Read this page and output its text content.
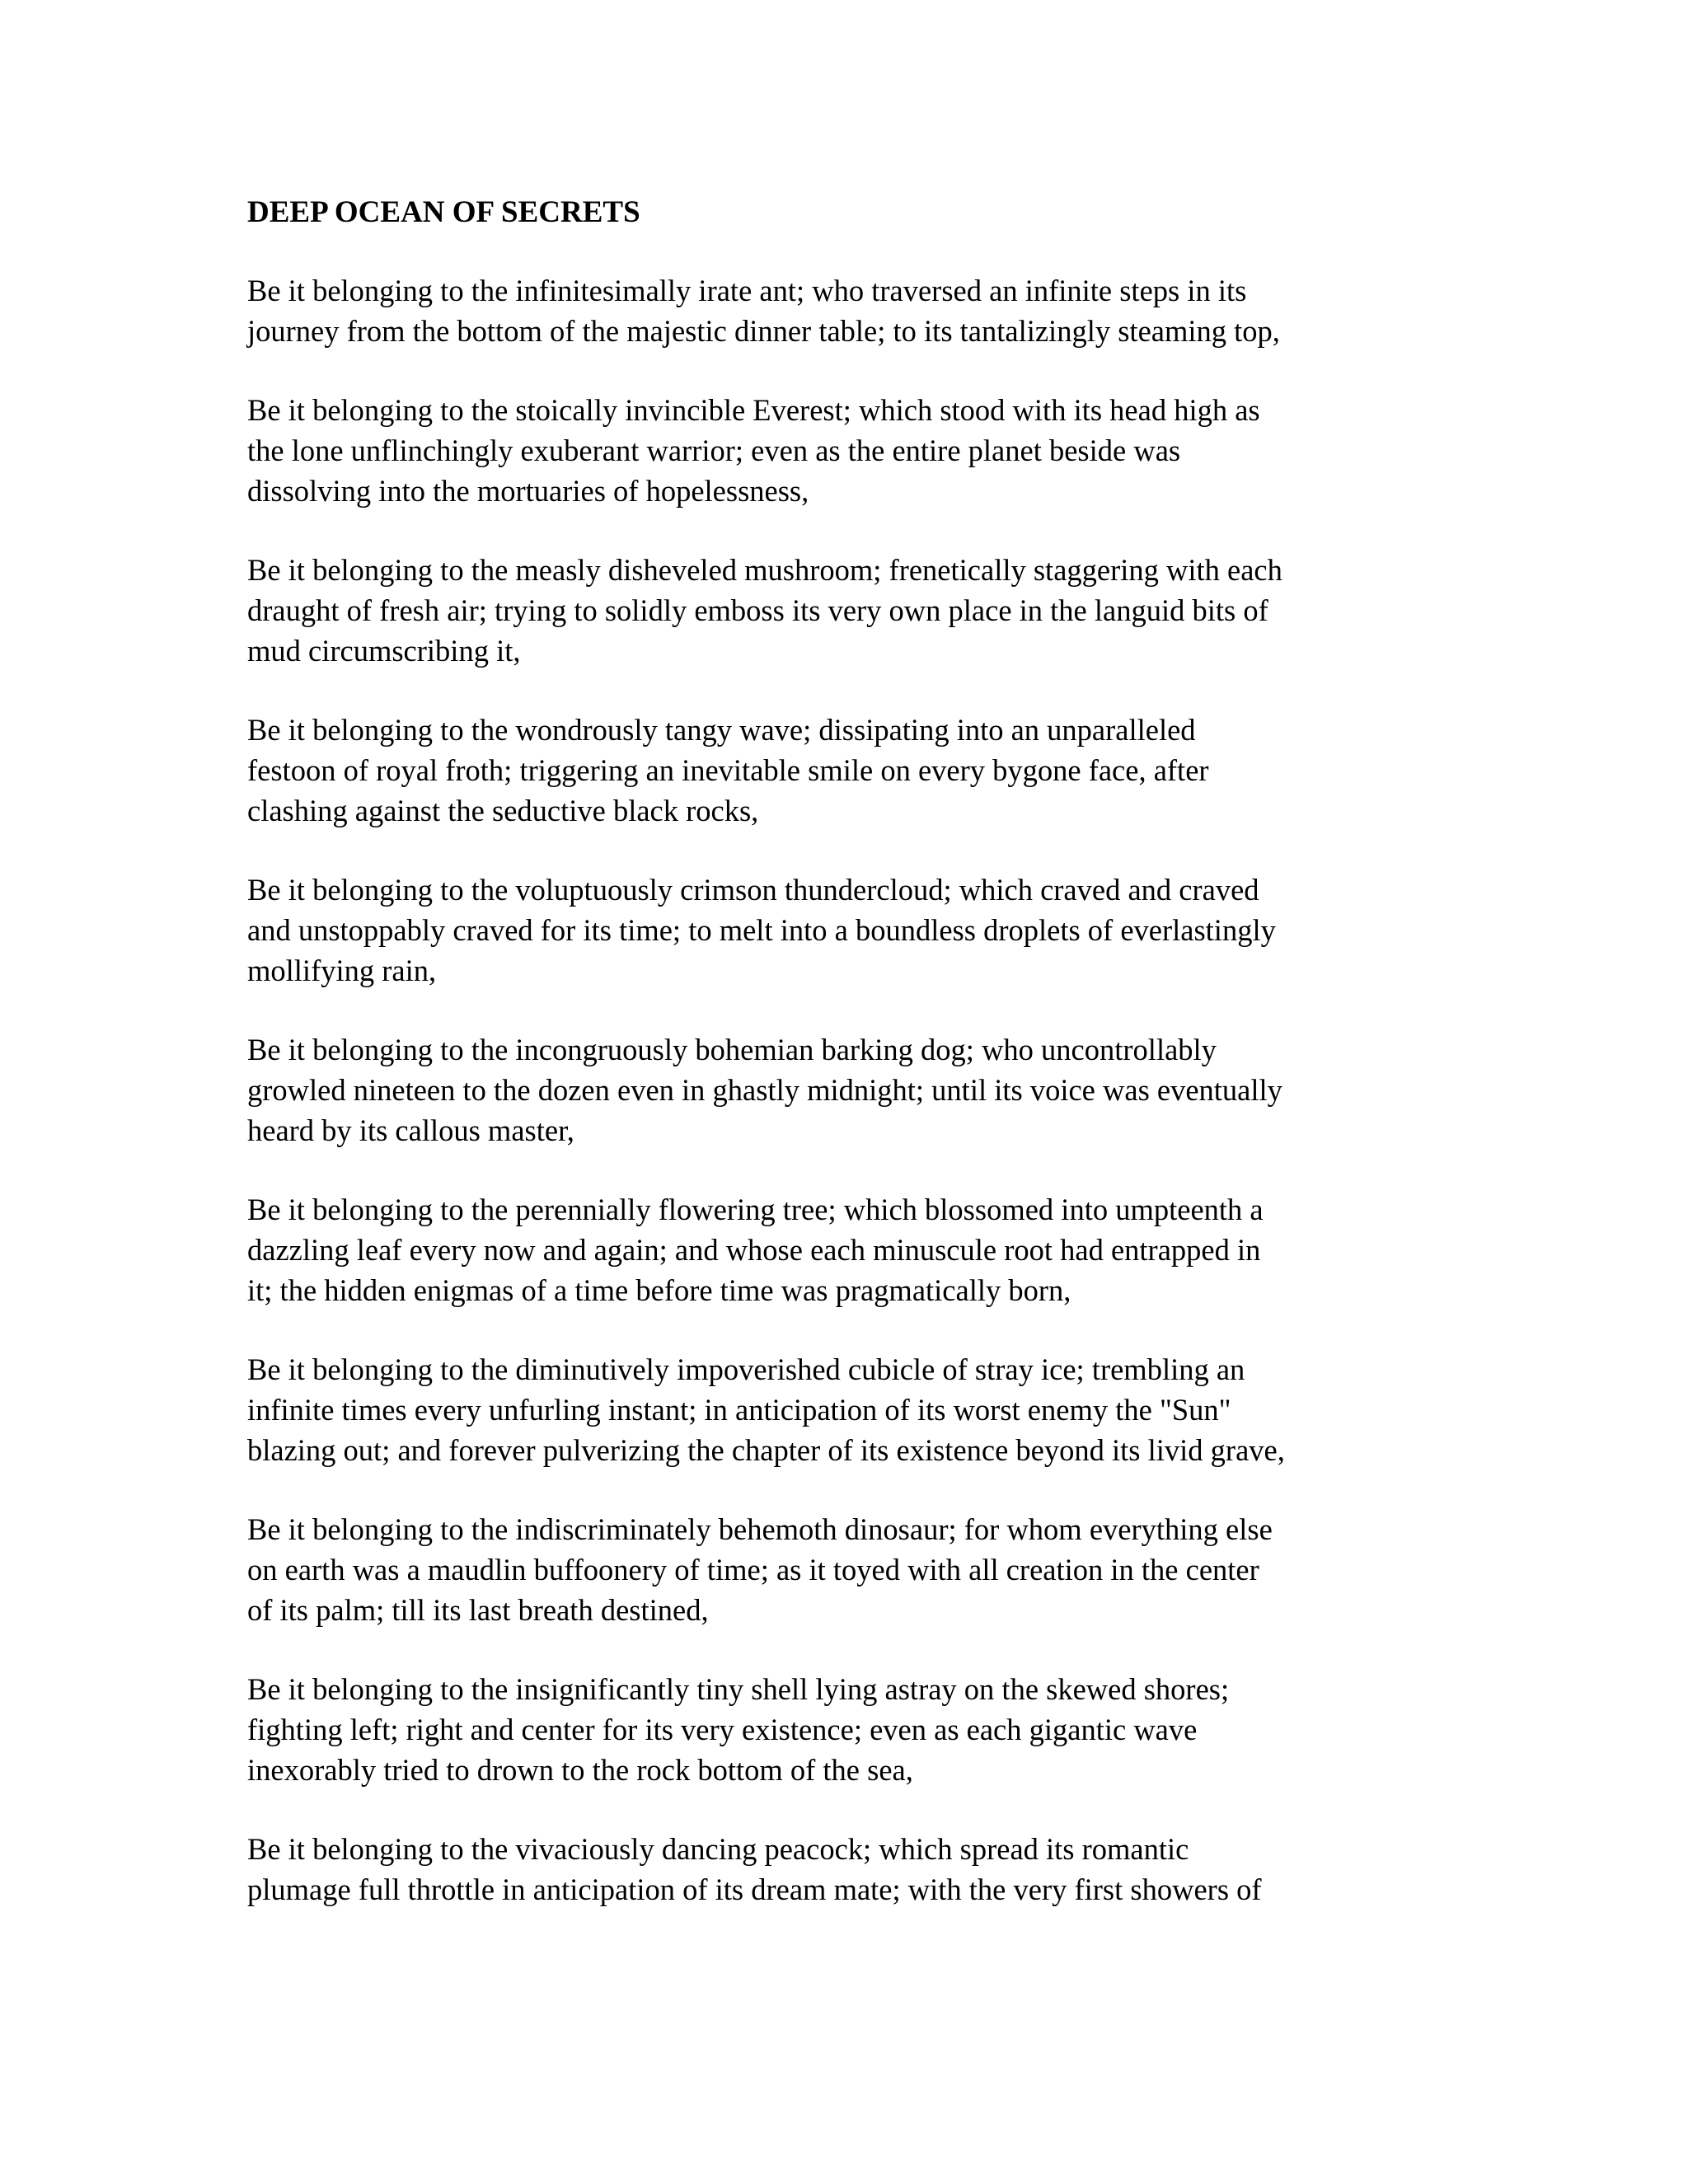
DEEP OCEAN OF SECRETS
Be it belonging to the infinitesimally irate ant; who traversed an infinite steps in its
journey from the bottom of the majestic dinner table; to its tantalizingly steaming top,
Be it belonging to the stoically invincible Everest; which stood with its head high as
the lone unflinchingly exuberant warrior; even as the entire planet beside was
dissolving into the mortuaries of hopelessness,
Be it belonging to the measly disheveled mushroom; frenetically staggering with each
draught of fresh air; trying to solidly emboss its very own place in the languid bits of
mud circumscribing it,
Be it belonging to the wondrously tangy wave; dissipating into an unparalleled
festoon of royal froth; triggering an inevitable smile on every bygone face, after
clashing against the seductive black rocks,
Be it belonging to the voluptuously crimson thundercloud; which craved and craved
and unstoppably craved for its time; to melt into a boundless droplets of everlastingly
mollifying rain,
Be it belonging to the incongruously bohemian barking dog; who uncontrollably
growled nineteen to the dozen even in ghastly midnight; until its voice was eventually
heard by its callous master,
Be it belonging to the perennially flowering tree; which blossomed into umpteenth a
dazzling leaf every now and again; and whose each minuscule root had entrapped in
it; the hidden enigmas of a time before time was pragmatically born,
Be it belonging to the diminutively impoverished cubicle of stray ice; trembling an
infinite times every unfurling instant; in anticipation of its worst enemy the "Sun"
blazing out; and forever pulverizing the chapter of its existence beyond its livid grave,
Be it belonging to the indiscriminately behemoth dinosaur; for whom everything else
on earth was a maudlin buffoonery of time; as it toyed with all creation in the center
of its palm; till its last breath destined,
Be it belonging to the insignificantly tiny shell lying astray on the skewed shores;
fighting left; right and center for its very existence; even as each gigantic wave
inexorably tried to drown to the rock bottom of the sea,
Be it belonging to the vivaciously dancing peacock; which spread its romantic
plumage full throttle in anticipation of its dream mate; with the very first showers of
